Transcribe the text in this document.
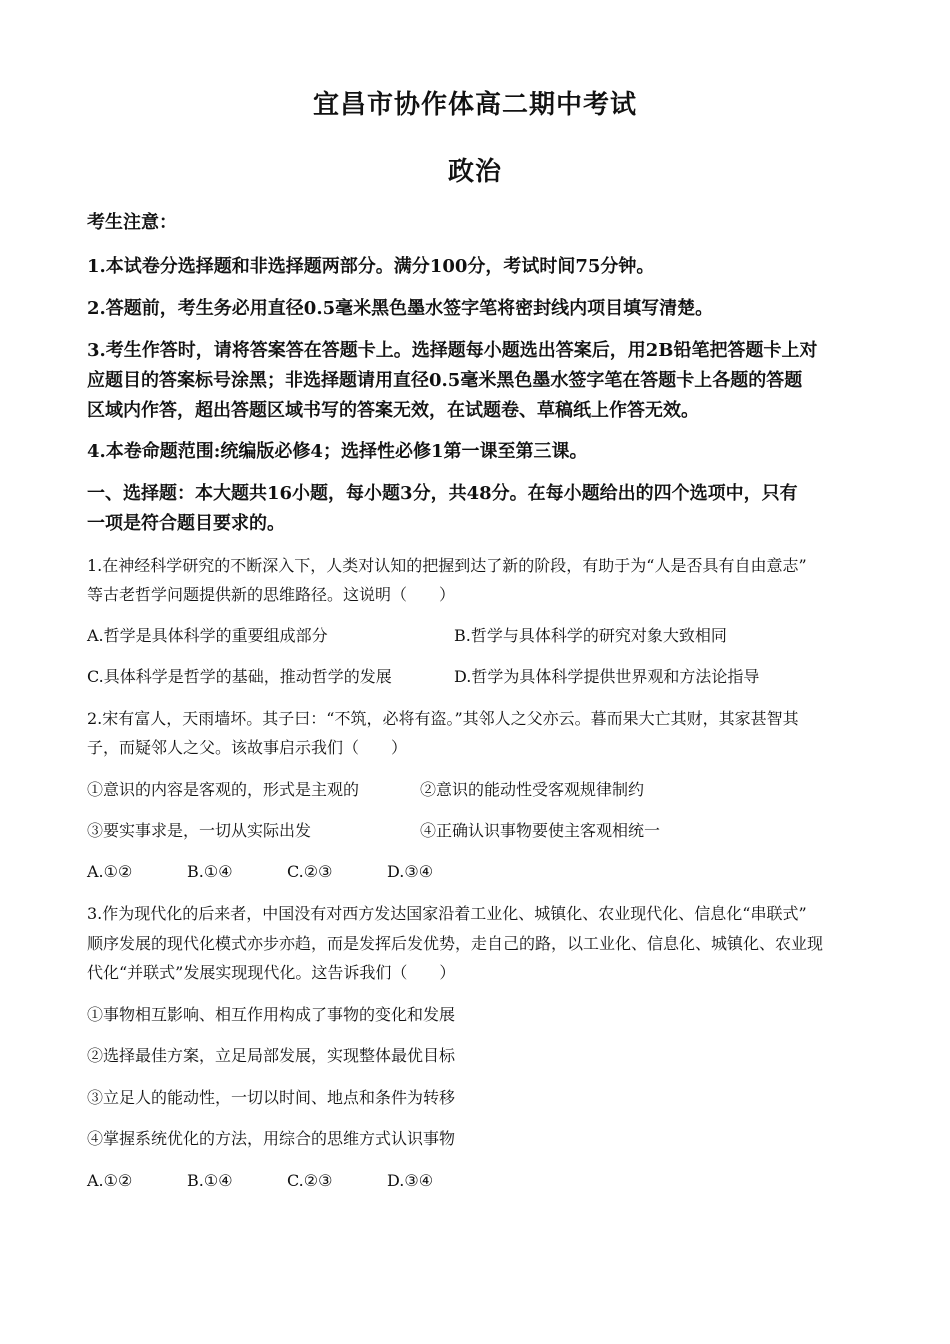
宜昌市协作体高二期中考试
政治
考生注意：
1.本试卷分选择题和非选择题两部分。满分100分，考试时间75分钟。
2.答题前，考生务必用直径0.5毫米黑色墨水签字笔将密封线内项目填写清楚。
3.考生作答时，请将答案答在答题卡上。选择题每小题选出答案后，用2B铅笔把答题卡上对
应题目的答案标号涂黑；非选择题请用直径0.5毫米黑色墨水签字笔在答题卡上各题的答题
区域内作答，超出答题区域书写的答案无效，在试题卷、草稿纸上作答无效。
4.本卷命题范围:统编版必修4；选择性必修1第一课至第三课。
一、选择题：本大题共16小题，每小题3分，共48分。在每小题给出的四个选项中，只有
一项是符合题目要求的。
1.在神经科学研究的不断深入下，人类对认知的把握到达了新的阶段，有助于为“人是否具有自由意志”
等古老哲学问题提供新的思维路径。这说明（　　）
A.哲学是具体科学的重要组成部分	B.哲学与具体科学的研究对象大致相同
C.具体科学是哲学的基础，推动哲学的发展	D.哲学为具体科学提供世界观和方法论指导
2.宋有富人，天雨墙坏。其子曰：“不筑，必将有盗。”其邻人之父亦云。暮而果大亡其财，其家甚智其
子，而疑邻人之父。该故事启示我们（　　）
①意识的内容是客观的，形式是主观的	②意识的能动性受客观规律制约
③要实事求是，一切从实际出发	④正确认识事物要使主客观相统一
A.①②	B.①④	C.②③	D.③④
3.作为现代化的后来者，中国没有对西方发达国家沿着工业化、城镇化、农业现代化、信息化“串联式”
顺序发展的现代化模式亦步亦趋，而是发挥后发优势，走自己的路，以工业化、信息化、城镇化、农业现
代化“并联式”发展实现现代化。这告诉我们（　　）
①事物相互影响、相互作用构成了事物的变化和发展
②选择最佳方案，立足局部发展，实现整体最优目标
③立足人的能动性，一切以时间、地点和条件为转移
④掌握系统优化的方法，用综合的思维方式认识事物
A.①②	B.①④	C.②③	D.③④
